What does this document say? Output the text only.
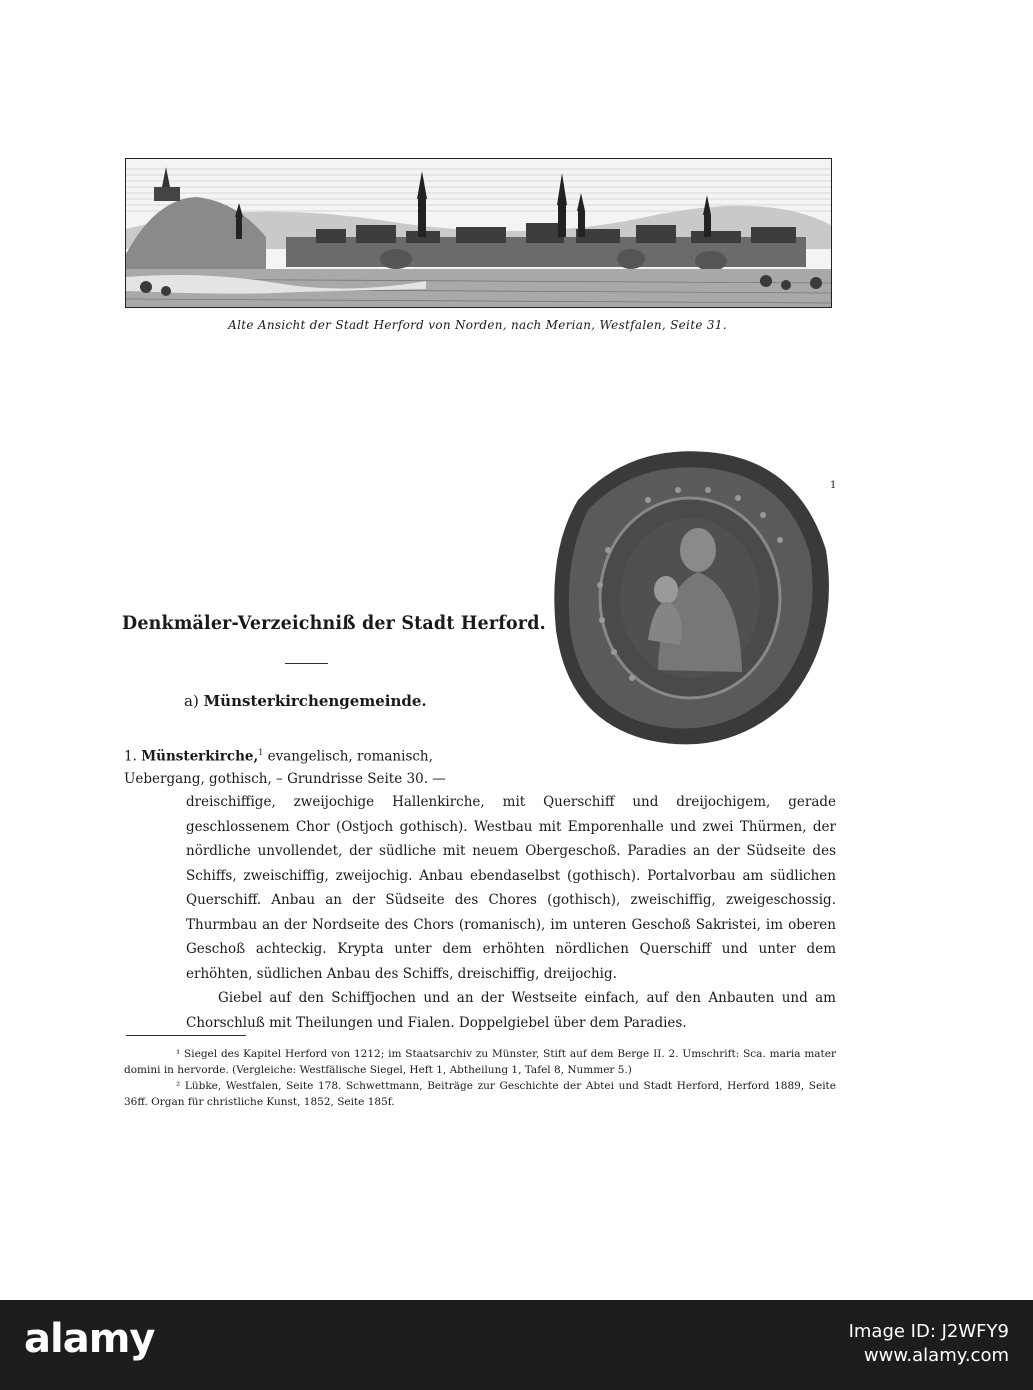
Alte Ansicht der Stadt Herford von Norden, nach Merian, Westfalen, Seite 31.
1
Denkmäler-Verzeichniß der Stadt Herford.
a) Münsterkirchengemeinde.
1. Münsterkirche,$^1$ evangelisch, romanisch, Uebergang, gothisch, – Grundrisse Seite 30. —

dreischiffige, zweijochige Hallenkirche, mit Querschiff und dreijochigem, gerade geschlossenem Chor (Ostjoch gothisch). Westbau mit Emporenhalle und zwei Thürmen, der nördliche unvollendet, der südliche mit neuem Obergeschoß. Paradies an der Südseite des Schiffs, zweischiffig, zweijochig. Anbau ebendaselbst (gothisch). Portalvorbau am südlichen Querschiff. Anbau an der Südseite des Chores (gothisch), zweischiffig, zweigeschossig. Thurmbau an der Nordseite des Chors (romanisch), im unteren Geschoß Sakristei, im oberen Geschoß achteckig. Krypta unter dem erhöhten nördlichen Querschiff und unter dem erhöhten, südlichen Anbau des Schiffs, dreischiffig, dreijochig.

Giebel auf den Schiffjochen und an der Westseite einfach, auf den Anbauten und am Chorschluß mit Theilungen und Fialen. Doppelgiebel über dem Paradies.

¹ Siegel des Kapitel Herford von 1212; im Staatsarchiv zu Münster, Stift auf dem Berge II. 2. Umschrift: Sca. maria mater domini in hervorde. (Vergleiche: Westfälische Siegel, Heft 1, Abtheilung 1, Tafel 8, Nummer 5.)

² Lübke, Westfalen, Seite 178. Schwettmann, Beiträge zur Geschichte der Abtei und Stadt Herford, Herford 1889, Seite 36ff. Organ für christliche Kunst, 1852, Seite 185f.

alamy	Image ID: J2WFY9
www.alamy.com
